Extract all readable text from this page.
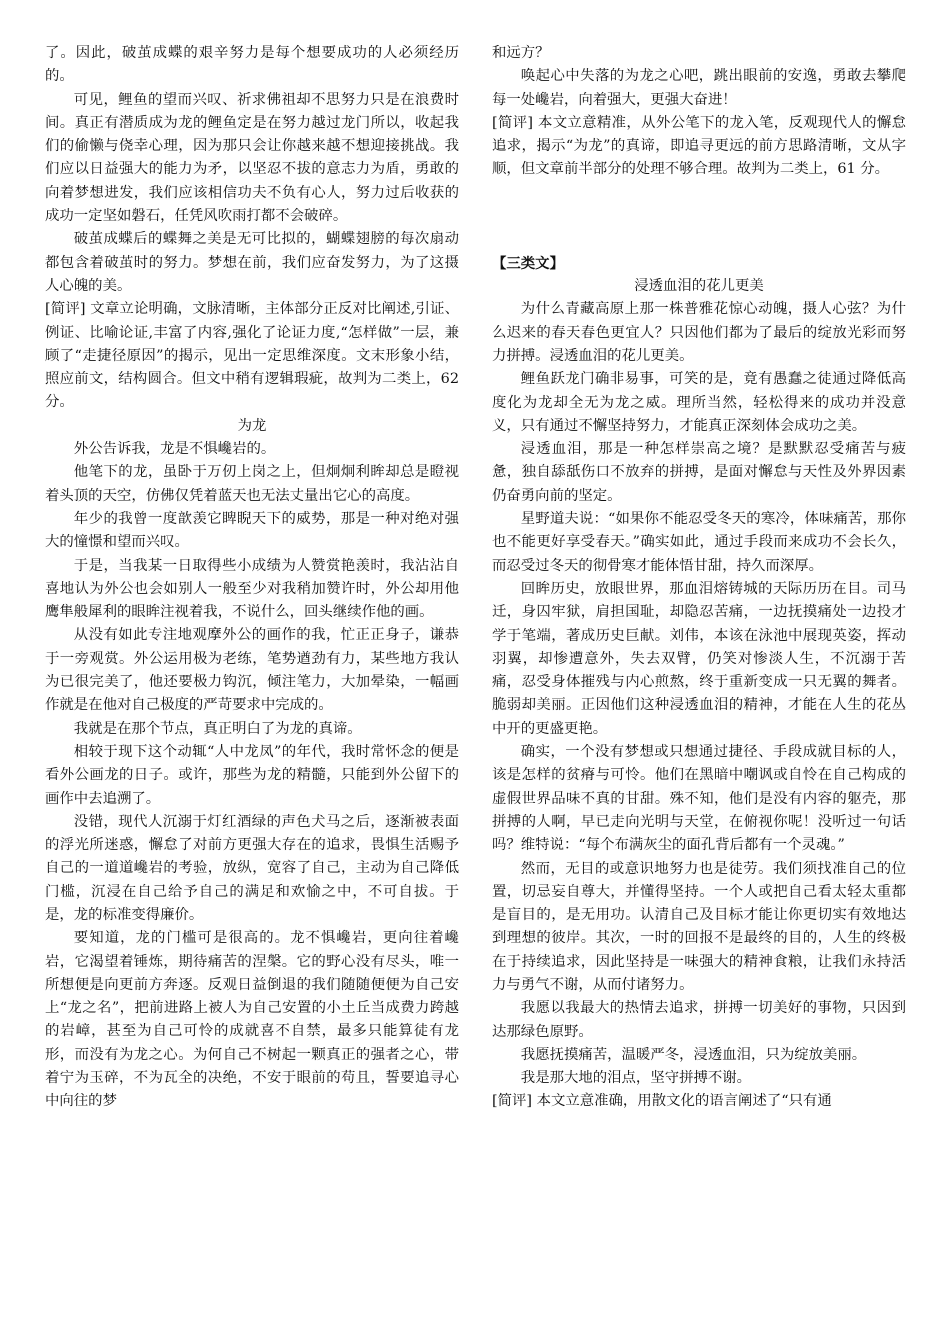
了。因此，破茧成蝶的艰辛努力是每个想要成功的人必须经历的。

可见，鲤鱼的望而兴叹、祈求佛祖却不思努力只是在浪费时间。真正有潜质成为龙的鲤鱼定是在努力越过龙门所以，收起我们的偷懒与侥幸心理，因为那只会让你越来越不想迎接挑战。我们应以日益强大的能力为矛，以坚忍不拔的意志力为盾，勇敢的向着梦想进发，我们应该相信功夫不负有心人，努力过后收获的成功一定坚如磐石，任凭风吹雨打都不会破碎。

破茧成蝶后的蝶舞之美是无可比拟的，蝴蝶翅膀的每次扇动都包含着破茧时的努力。梦想在前，我们应奋发努力，为了这摄人心魄的美。

[简评] 文章立论明确，文脉清晰，主体部分正反对比阐述,引证、例证、比喻论证,丰富了内容,强化了论证力度,“怎样做”一层，兼顾了“走捷径原因”的揭示，见出一定思维深度。文末形象小结，照应前文，结构圆合。但文中稍有逻辑瑕疵，故判为二类上，62 分。

为龙

外公告诉我，龙是不惧巉岩的。

他笔下的龙，虽卧于万仞上岗之上，但炯炯利眸却总是瞪视着头顶的天空，仿佛仅凭着蓝天也无法丈量出它心的高度。

年少的我曾一度歆羡它睥睨天下的威势，那是一种对绝对强大的憧憬和望而兴叹。

于是，当我某一日取得些小成绩为人赞赏艳羡时，我沾沾自喜地认为外公也会如别人一般至少对我稍加赞许时，外公却用他鹰隼般犀利的眼眸注视着我，不说什么，回头继续作他的画。

从没有如此专注地观摩外公的画作的我，忙正正身子，谦恭于一旁观赏。外公运用极为老练，笔势遒劲有力，某些地方我认为已很完美了，他还要极力钩沉，倾注笔力，大加晕染，一幅画作就是在他对自己极度的严苛要求中完成的。

我就是在那个节点，真正明白了为龙的真谛。

相较于现下这个动辄“人中龙凤”的年代，我时常怀念的便是看外公画龙的日子。或许，那些为龙的精髓，只能到外公留下的画作中去追溯了。

没错，现代人沉溺于灯红酒绿的声色犬马之后，逐渐被表面的浮光所迷惑，懈怠了对前方更强大存在的追求，畏惧生活赐予自己的一道道巉岩的考验，放纵，宽容了自己，主动为自己降低门槛，沉浸在自己给予自己的满足和欢愉之中，不可自拔。于是，龙的标准变得廉价。

要知道，龙的门槛可是很高的。龙不惧巉岩，更向往着巉岩，它渴望着锤炼，期待痛苦的涅槃。它的野心没有尽头，唯一所想便是向更前方奔逐。反观日益倒退的我们随随便便为自己安上“龙之名”，把前进路上被人为自己安置的小土丘当成费力跨越的岩嶂，甚至为自己可怜的成就喜不自禁，最多只能算徒有龙形，而没有为龙之心。为何自己不树起一颗真正的强者之心，带着宁为玉碎，不为瓦全的决绝，不安于眼前的苟且，誓要追寻心中向往的梦

和远方？

唤起心中失落的为龙之心吧，跳出眼前的安逸，勇敢去攀爬每一处巉岩，向着强大，更强大奋进！

[简评] 本文立意精准，从外公笔下的龙入笔，反观现代人的懈怠追求，揭示“为龙”的真谛，即追寻更远的前方思路清晰，文从字顺，但文章前半部分的处理不够合理。故判为二类上，61 分。

【三类文】

浸透血泪的花儿更美

为什么青藏高原上那一株普雅花惊心动魄，摄人心弦？为什么迟来的春天春色更宜人？只因他们都为了最后的绽放光彩而努力拼搏。浸透血泪的花儿更美。

鲤鱼跃龙门确非易事，可笑的是，竟有愚蠢之徒通过降低高度化为龙却全无为龙之威。理所当然，轻松得来的成功并没意义，只有通过不懈坚持努力，才能真正深刻体会成功之美。

浸透血泪，那是一种怎样崇高之境？是默默忍受痛苦与疲惫，独自舔舐伤口不放弃的拼搏，是面对懈怠与天性及外界因素仍奋勇向前的坚定。

星野道夫说：“如果你不能忍受冬天的寒冷，体味痛苦，那你也不能更好享受春天。”确实如此，通过手段而来成功不会长久，而忍受过冬天的彻骨寒才能体悟甘甜，持久而深厚。

回眸历史，放眼世界，那血泪熔铸城的天际历历在目。司马迁，身囚牢狱，肩担国耻，却隐忍苦痛，一边抚摸痛处一边投才学于笔端，著成历史巨献。刘伟，本该在泳池中展现英姿，挥动羽翼，却惨遭意外，失去双臂，仍笑对惨淡人生，不沉溺于苦痛，忍受身体摧残与内心煎熬，终于重新变成一只无翼的舞者。脆弱却美丽。正因他们这种浸透血泪的精神，才能在人生的花丛中开的更盛更艳。

确实，一个没有梦想或只想通过捷径、手段成就目标的人，该是怎样的贫瘠与可怜。他们在黑暗中嘲讽或自怜在自己构成的虚假世界品味不真的甘甜。殊不知，他们是没有内容的躯壳，那拼搏的人啊，早已走向光明与天堂，在俯视你呢！没听过一句话吗？维特说：“每个布满灰尘的面孔背后都有一个灵魂。”

然而，无目的或意识地努力也是徒劳。我们须找准自己的位置，切忌妄自尊大，并懂得坚持。一个人或把自己看太轻太重都是盲目的，是无用功。认清自己及目标才能让你更切实有效地达到理想的彼岸。其次，一时的回报不是最终的目的，人生的终极在于持续追求，因此坚持是一味强大的精神食粮，让我们永持活力与勇气不谢，从而付诸努力。

我愿以我最大的热情去追求，拼搏一切美好的事物，只因到达那绿色原野。

我愿抚摸痛苦，温暖严冬，浸透血泪，只为绽放美丽。

我是那大地的泪点，坚守拼搏不谢。

[简评] 本文立意准确，用散文化的语言阐述了“只有通
